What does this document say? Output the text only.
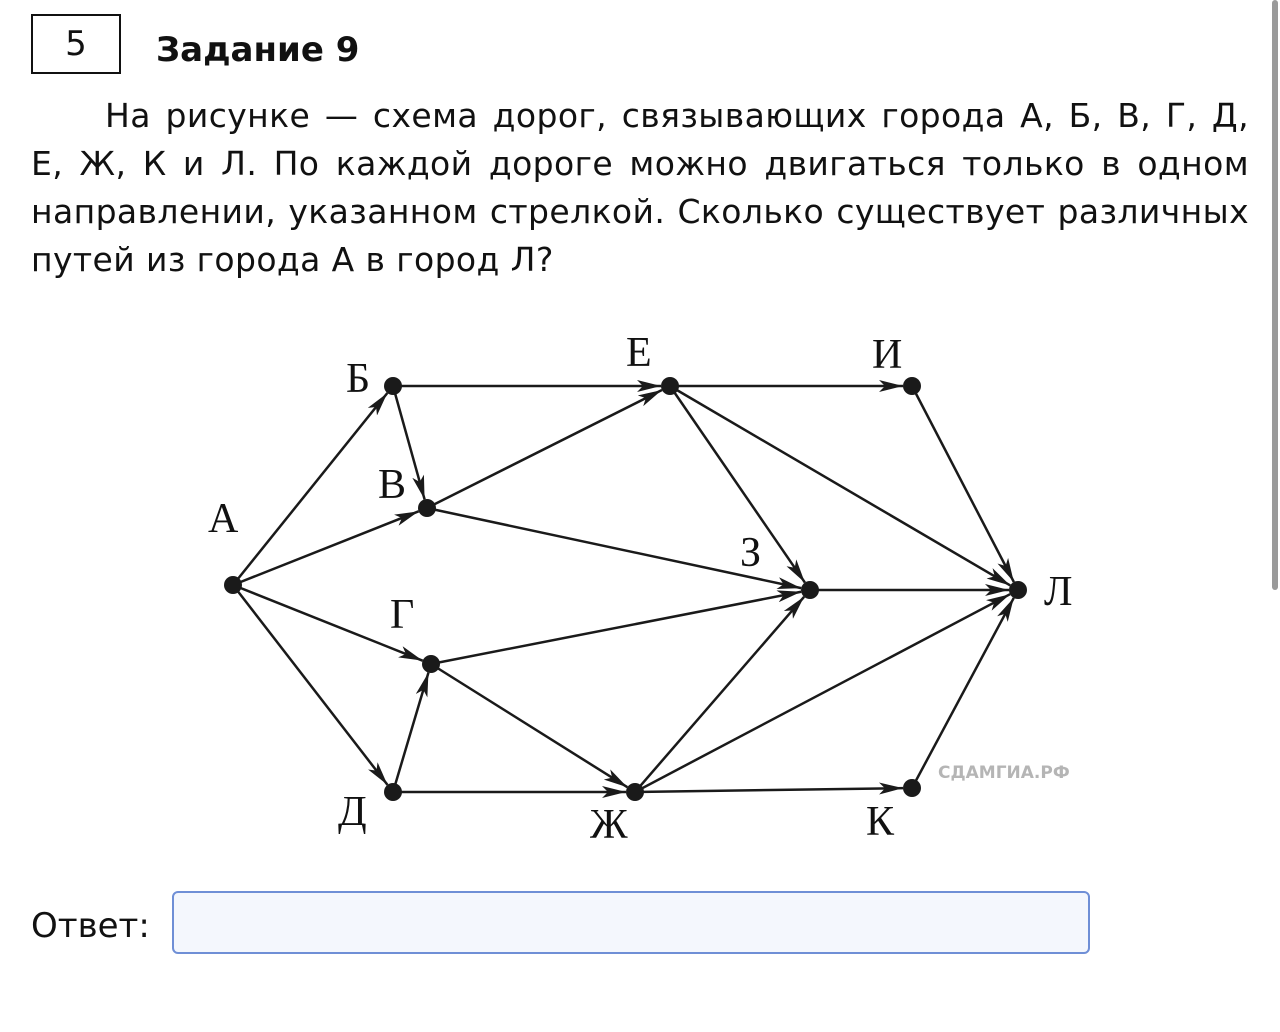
5	Задание 9

На рисунке — схема дорог, связывающих города А, Б, В, Г, Д, Е, Ж, К и Л. По каждой дороге можно двигаться только в одном направлении, указанном стрелкой. Сколько существует различных путей из города А в город Л?

А
Б
В
Г
Д
Е
Ж
З
И
К
Л
СДАМГИА.РФ
Ответ:
